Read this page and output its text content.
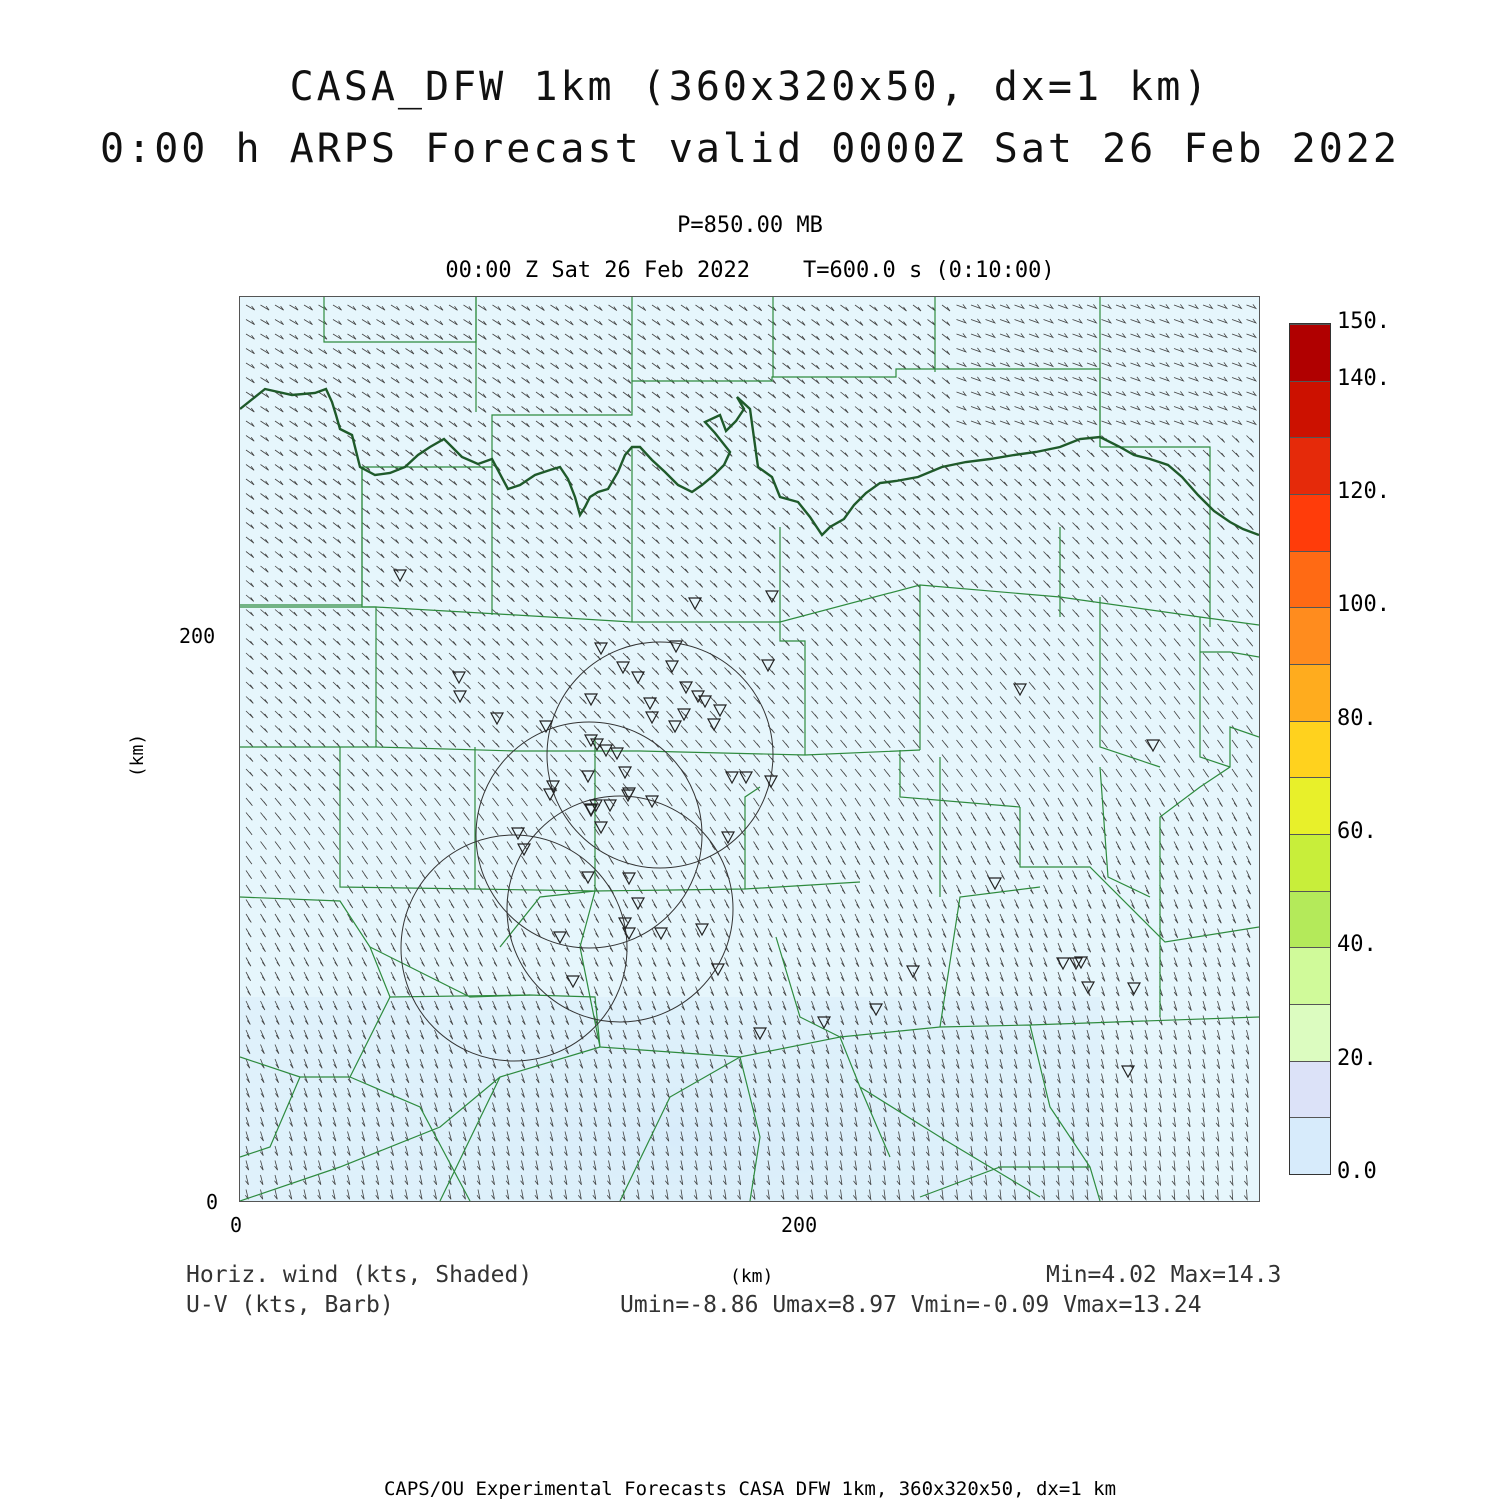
CASA_DFW 1km (360x320x50, dx=1 km)
0:00 h ARPS Forecast valid 0000Z Sat 26 Feb 2022
P=850.00 MB
00:00 Z Sat 26 Feb 2022    T=600.0 s (0:10:00)
200
0
0	200
(km)
(km)
Horiz. wind (kts, Shaded)
U-V (kts, Barb)
Min=4.02 Max=14.3
Umin=-8.86 Umax=8.97 Vmin=-0.09 Vmax=13.24
150.
140.
120.
100.
80.
60.
40.
20.
0.0
CAPS/OU Experimental Forecasts CASA DFW 1km, 360x320x50, dx=1 km
